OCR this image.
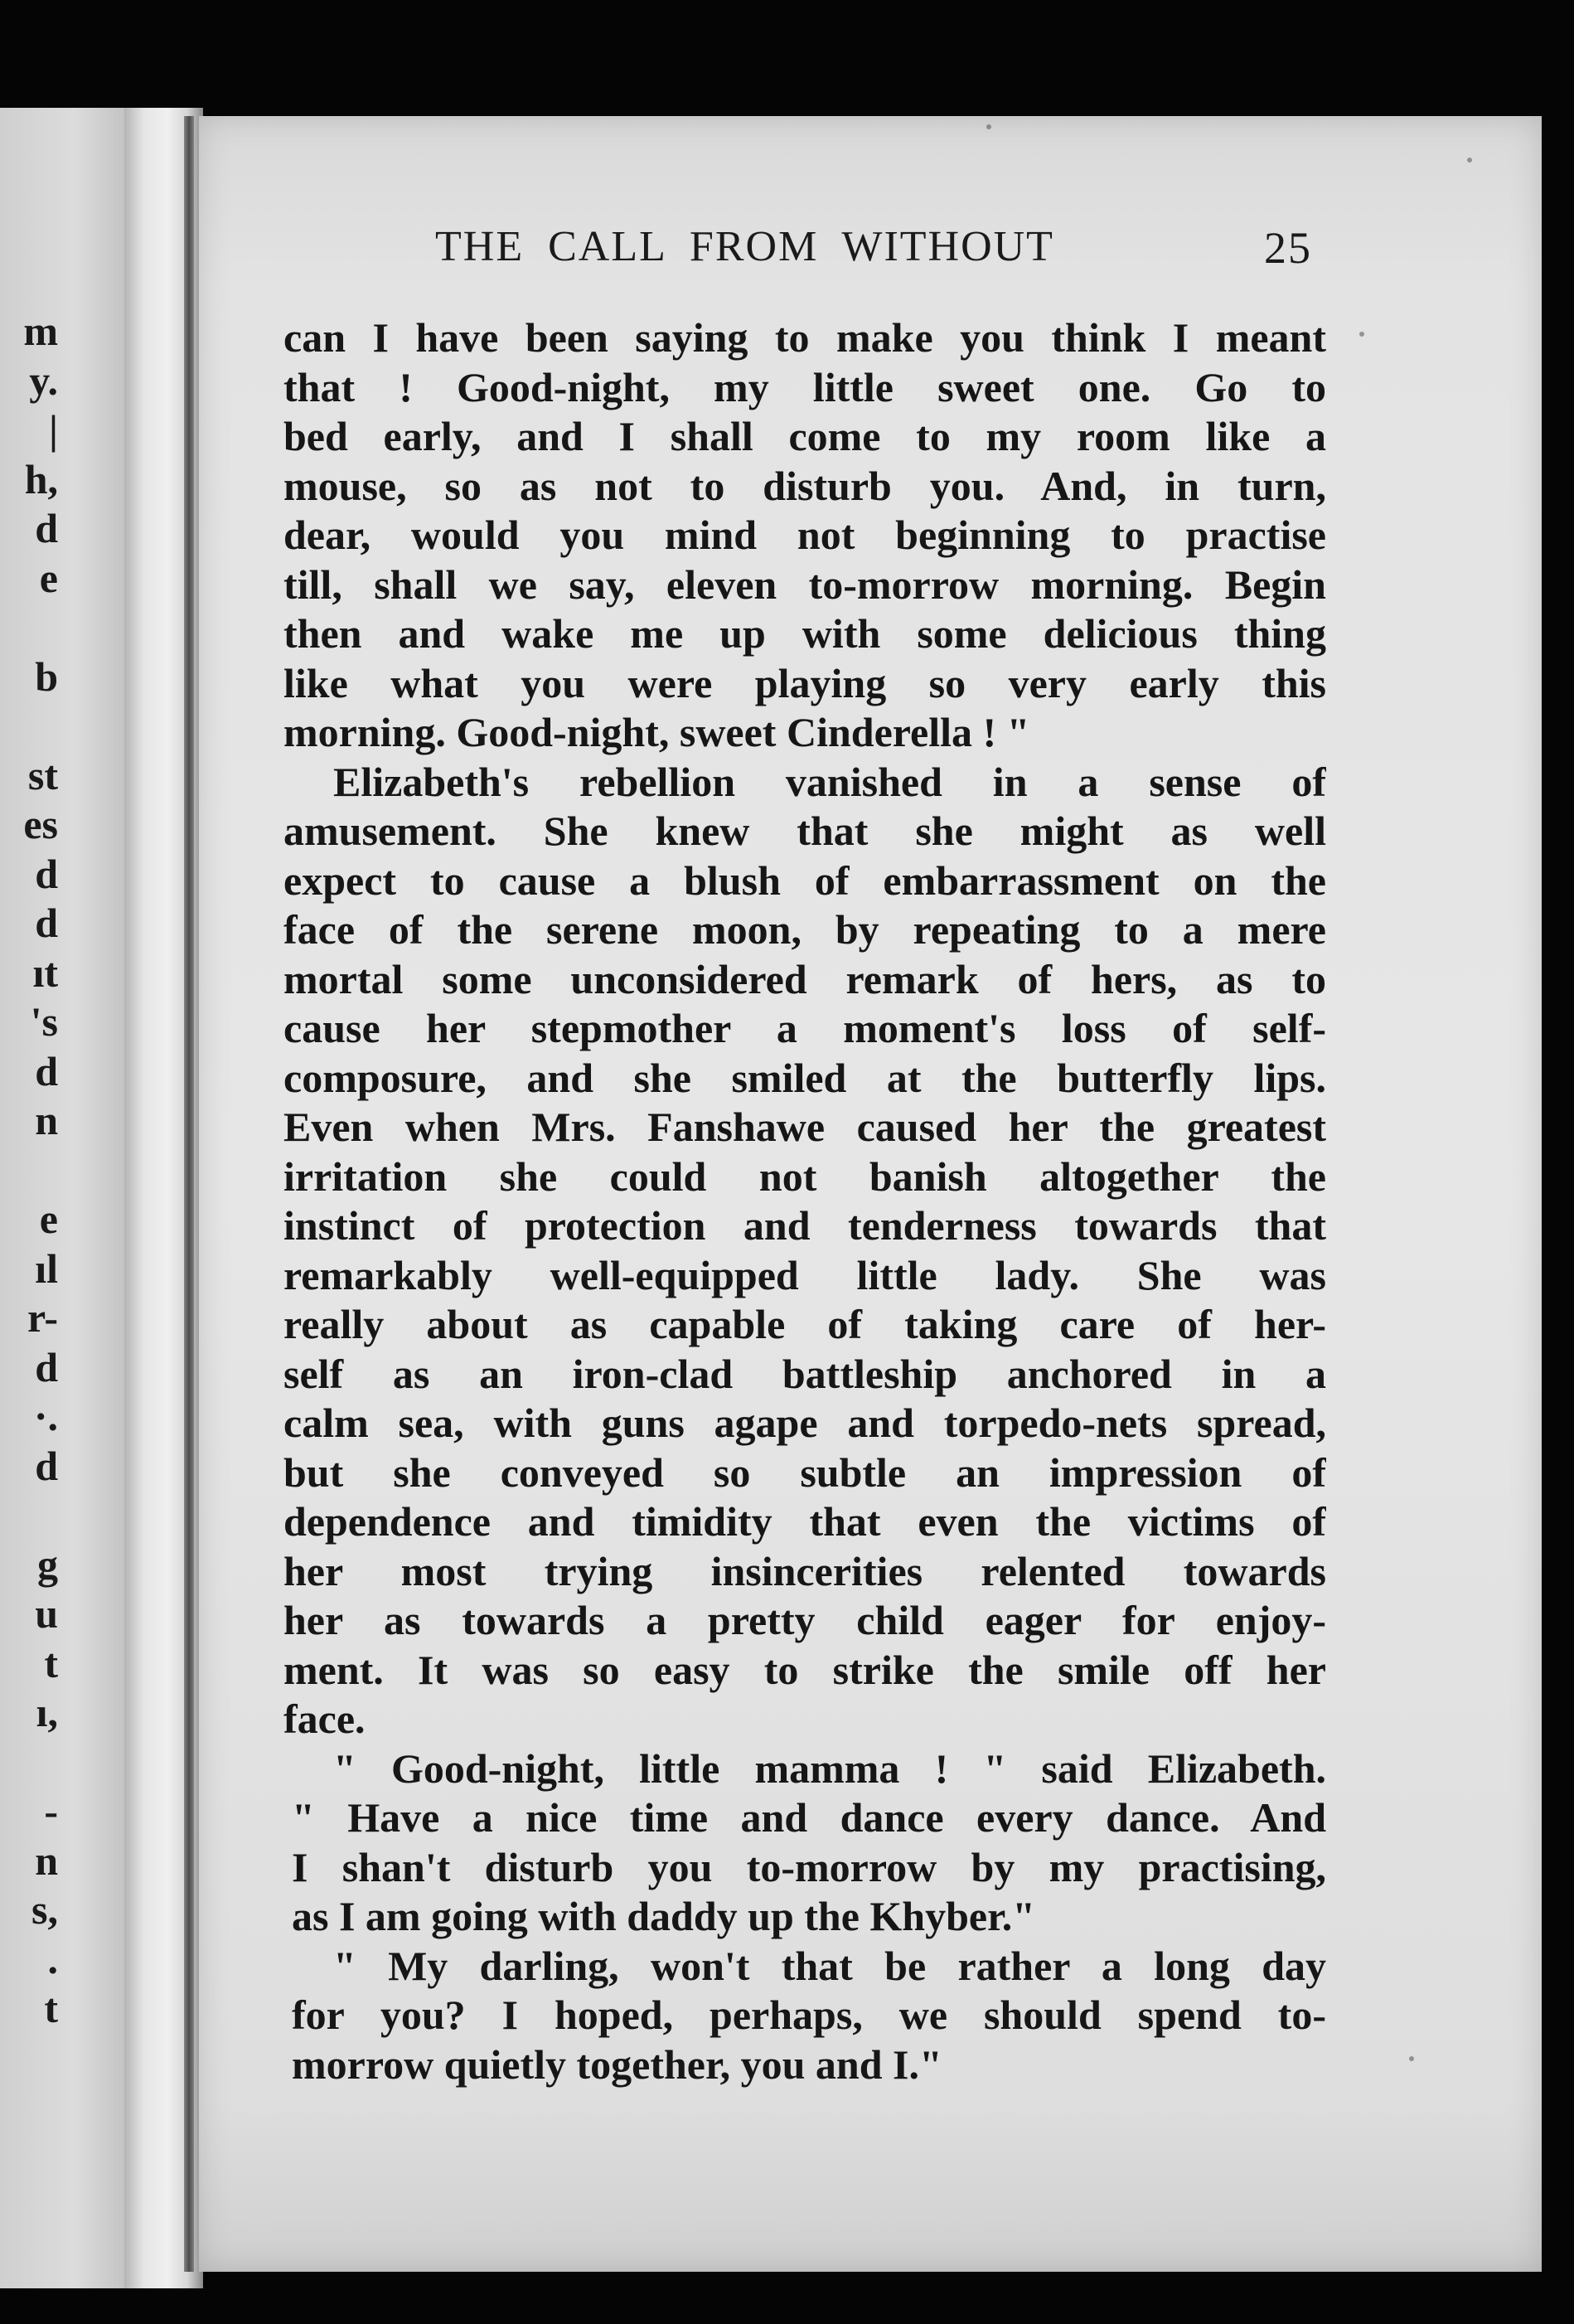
m
y.
|
h,
d
e
b
st
es
d
d
ıt
's
d
n
e
ıl
r-
d
·.
d
g
u
t
ı,
-
n
s,
.
t
THE CALL FROM WITHOUT	25
can I have been saying to make you think I meant
that ! Good-night, my little sweet one. Go to
bed early, and I shall come to my room like a
mouse, so as not to disturb you. And, in turn,
dear, would you mind not beginning to practise
till, shall we say, eleven to-morrow morning. Begin
then and wake me up with some delicious thing
like what you were playing so very early this
morning. Good-night, sweet Cinderella ! "
Elizabeth's rebellion vanished in a sense of
amusement. She knew that she might as well
expect to cause a blush of embarrassment on the
face of the serene moon, by repeating to a mere
mortal some unconsidered remark of hers, as to
cause her stepmother a moment's loss of self-
composure, and she smiled at the butterfly lips.
Even when Mrs. Fanshawe caused her the greatest
irritation she could not banish altogether the
instinct of protection and tenderness towards that
remarkably well-equipped little lady. She was
really about as capable of taking care of her-
self as an iron-clad battleship anchored in a
calm sea, with guns agape and torpedo-nets spread,
but she conveyed so subtle an impression of
dependence and timidity that even the victims of
her most trying insincerities relented towards
her as towards a pretty child eager for enjoy-
ment. It was so easy to strike the smile off her
face.
" Good-night, little mamma ! " said Elizabeth.
" Have a nice time and dance every dance. And
I shan't disturb you to-morrow by my practising,
as I am going with daddy up the Khyber."
" My darling, won't that be rather a long day
for you? I hoped, perhaps, we should spend to-
morrow quietly together, you and I."
